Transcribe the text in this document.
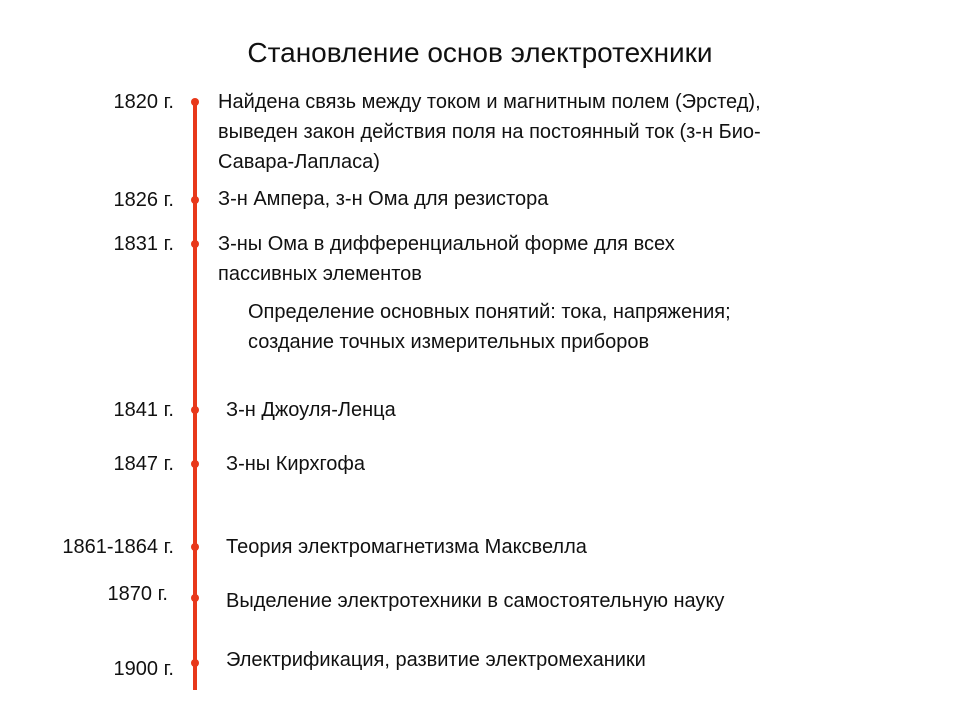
Становление основ электротехники
1820 г. Найдена связь между током и магнитным полем (Эрстед),
выведен закон действия поля на постоянный ток (з-н Био-
Савара-Лапласа)
1826 г. З-н Ампера, з-н Ома для резистора
1831 г. З-ны Ома в дифференциальной форме для всех
пассивных элементов
Определение основных понятий: тока, напряжения;
создание точных измерительных приборов
1841 г.	З-н Джоуля-Ленца
1847 г.	З-ны Кирхгофа
1861-1864 г.	Теория электромагнетизма Максвелла
1870 г.	Выделение электротехники в самостоятельную науку
1900 г.	Электрификация, развитие электромеханики
